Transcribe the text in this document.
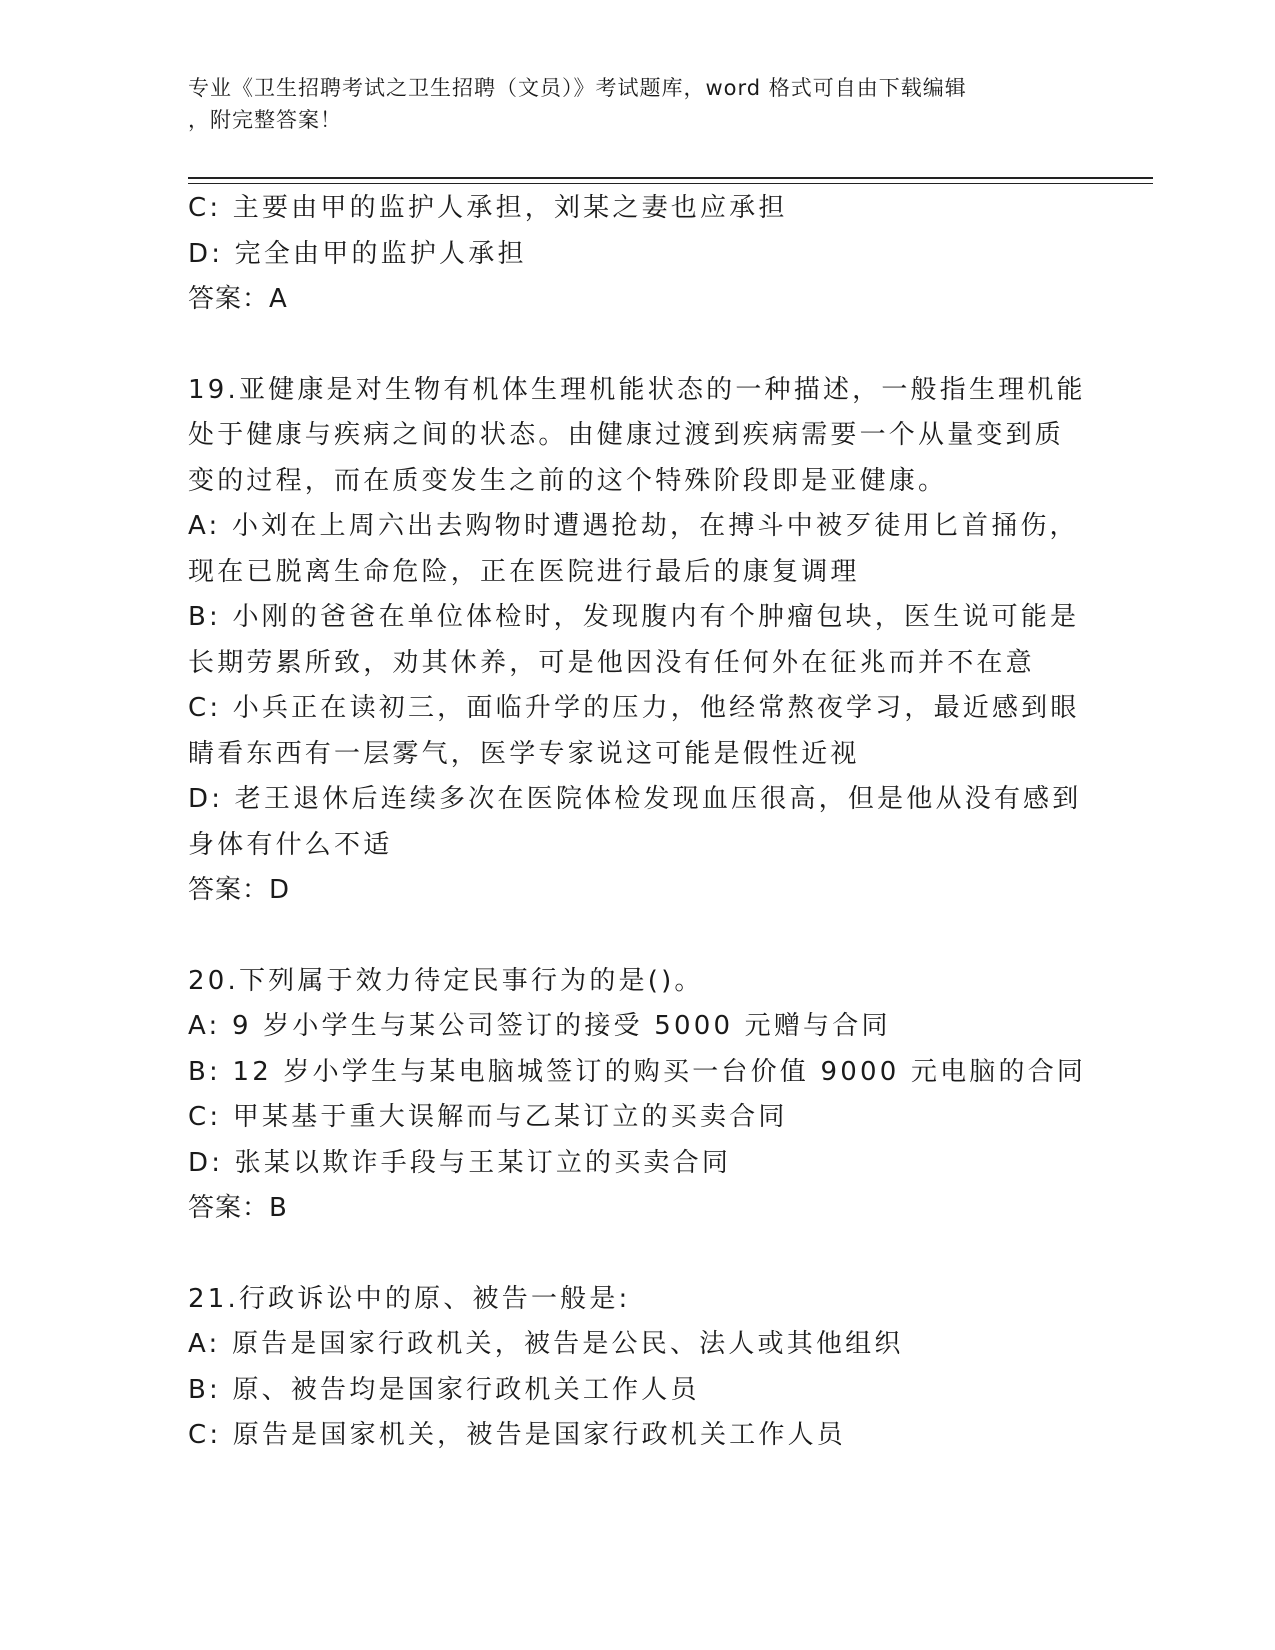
专业《卫生招聘考试之卫生招聘（文员）》考试题库，word 格式可自由下载编辑
，附完整答案！
C: 主要由甲的监护人承担，刘某之妻也应承担
D: 完全由甲的监护人承担
答案：A
19.亚健康是对生物有机体生理机能状态的一种描述，一般指生理机能
处于健康与疾病之间的状态。由健康过渡到疾病需要一个从量变到质
变的过程，而在质变发生之前的这个特殊阶段即是亚健康。
A: 小刘在上周六出去购物时遭遇抢劫，在搏斗中被歹徒用匕首捅伤，
现在已脱离生命危险，正在医院进行最后的康复调理
B: 小刚的爸爸在单位体检时，发现腹内有个肿瘤包块，医生说可能是
长期劳累所致，劝其休养，可是他因没有任何外在征兆而并不在意
C: 小兵正在读初三，面临升学的压力，他经常熬夜学习，最近感到眼
睛看东西有一层雾气，医学专家说这可能是假性近视
D: 老王退休后连续多次在医院体检发现血压很高，但是他从没有感到
身体有什么不适
答案：D
20.下列属于效力待定民事行为的是()。
A: 9 岁小学生与某公司签订的接受 5000 元赠与合同
B: 12 岁小学生与某电脑城签订的购买一台价值 9000 元电脑的合同
C: 甲某基于重大误解而与乙某订立的买卖合同
D: 张某以欺诈手段与王某订立的买卖合同
答案：B
21.行政诉讼中的原、被告一般是:
A: 原告是国家行政机关，被告是公民、法人或其他组织
B: 原、被告均是国家行政机关工作人员
C: 原告是国家机关，被告是国家行政机关工作人员
